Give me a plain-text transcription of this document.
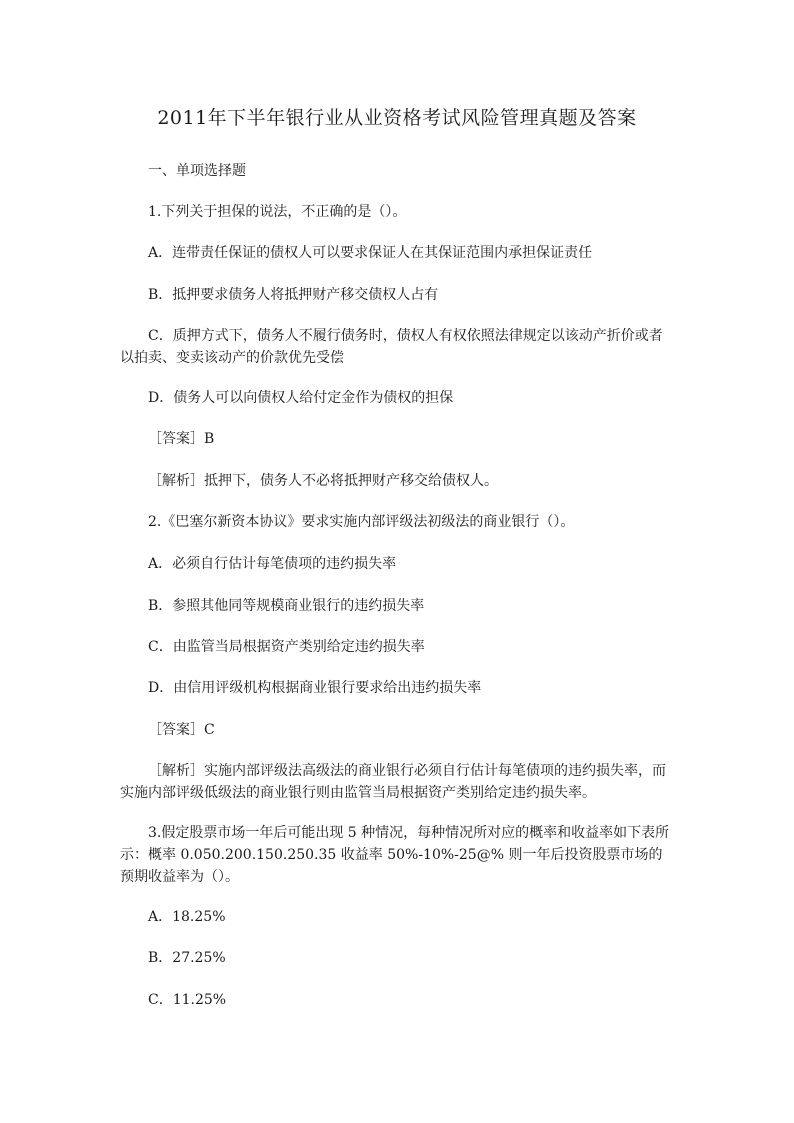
2011年下半年银行业从业资格考试风险管理真题及答案

一、单项选择题

1.下列关于担保的说法，不正确的是（）。

A．连带责任保证的债权人可以要求保证人在其保证范围内承担保证责任

B．抵押要求债务人将抵押财产移交债权人占有

C．质押方式下，债务人不履行债务时，债权人有权依照法律规定以该动产折价或者以拍卖、变卖该动产的价款优先受偿

D．债务人可以向债权人给付定金作为债权的担保

［答案］B

［解析］抵押下，债务人不必将抵押财产移交给债权人。

2.《巴塞尔新资本协议》要求实施内部评级法初级法的商业银行（）。

A．必须自行估计每笔债项的违约损失率

B．参照其他同等规模商业银行的违约损失率

C．由监管当局根据资产类别给定违约损失率

D．由信用评级机构根据商业银行要求给出违约损失率

［答案］C

［解析］实施内部评级法高级法的商业银行必须自行估计每笔债项的违约损失率，而实施内部评级低级法的商业银行则由监管当局根据资产类别给定违约损失率。

3.假定股票市场一年后可能出现 5 种情况，每种情况所对应的概率和收益率如下表所示：概率 0.050.200.150.250.35 收益率 50%-10%-25@% 则一年后投资股票市场的预期收益率为（）。

A．18.25%

B．27.25%

C．11.25%
